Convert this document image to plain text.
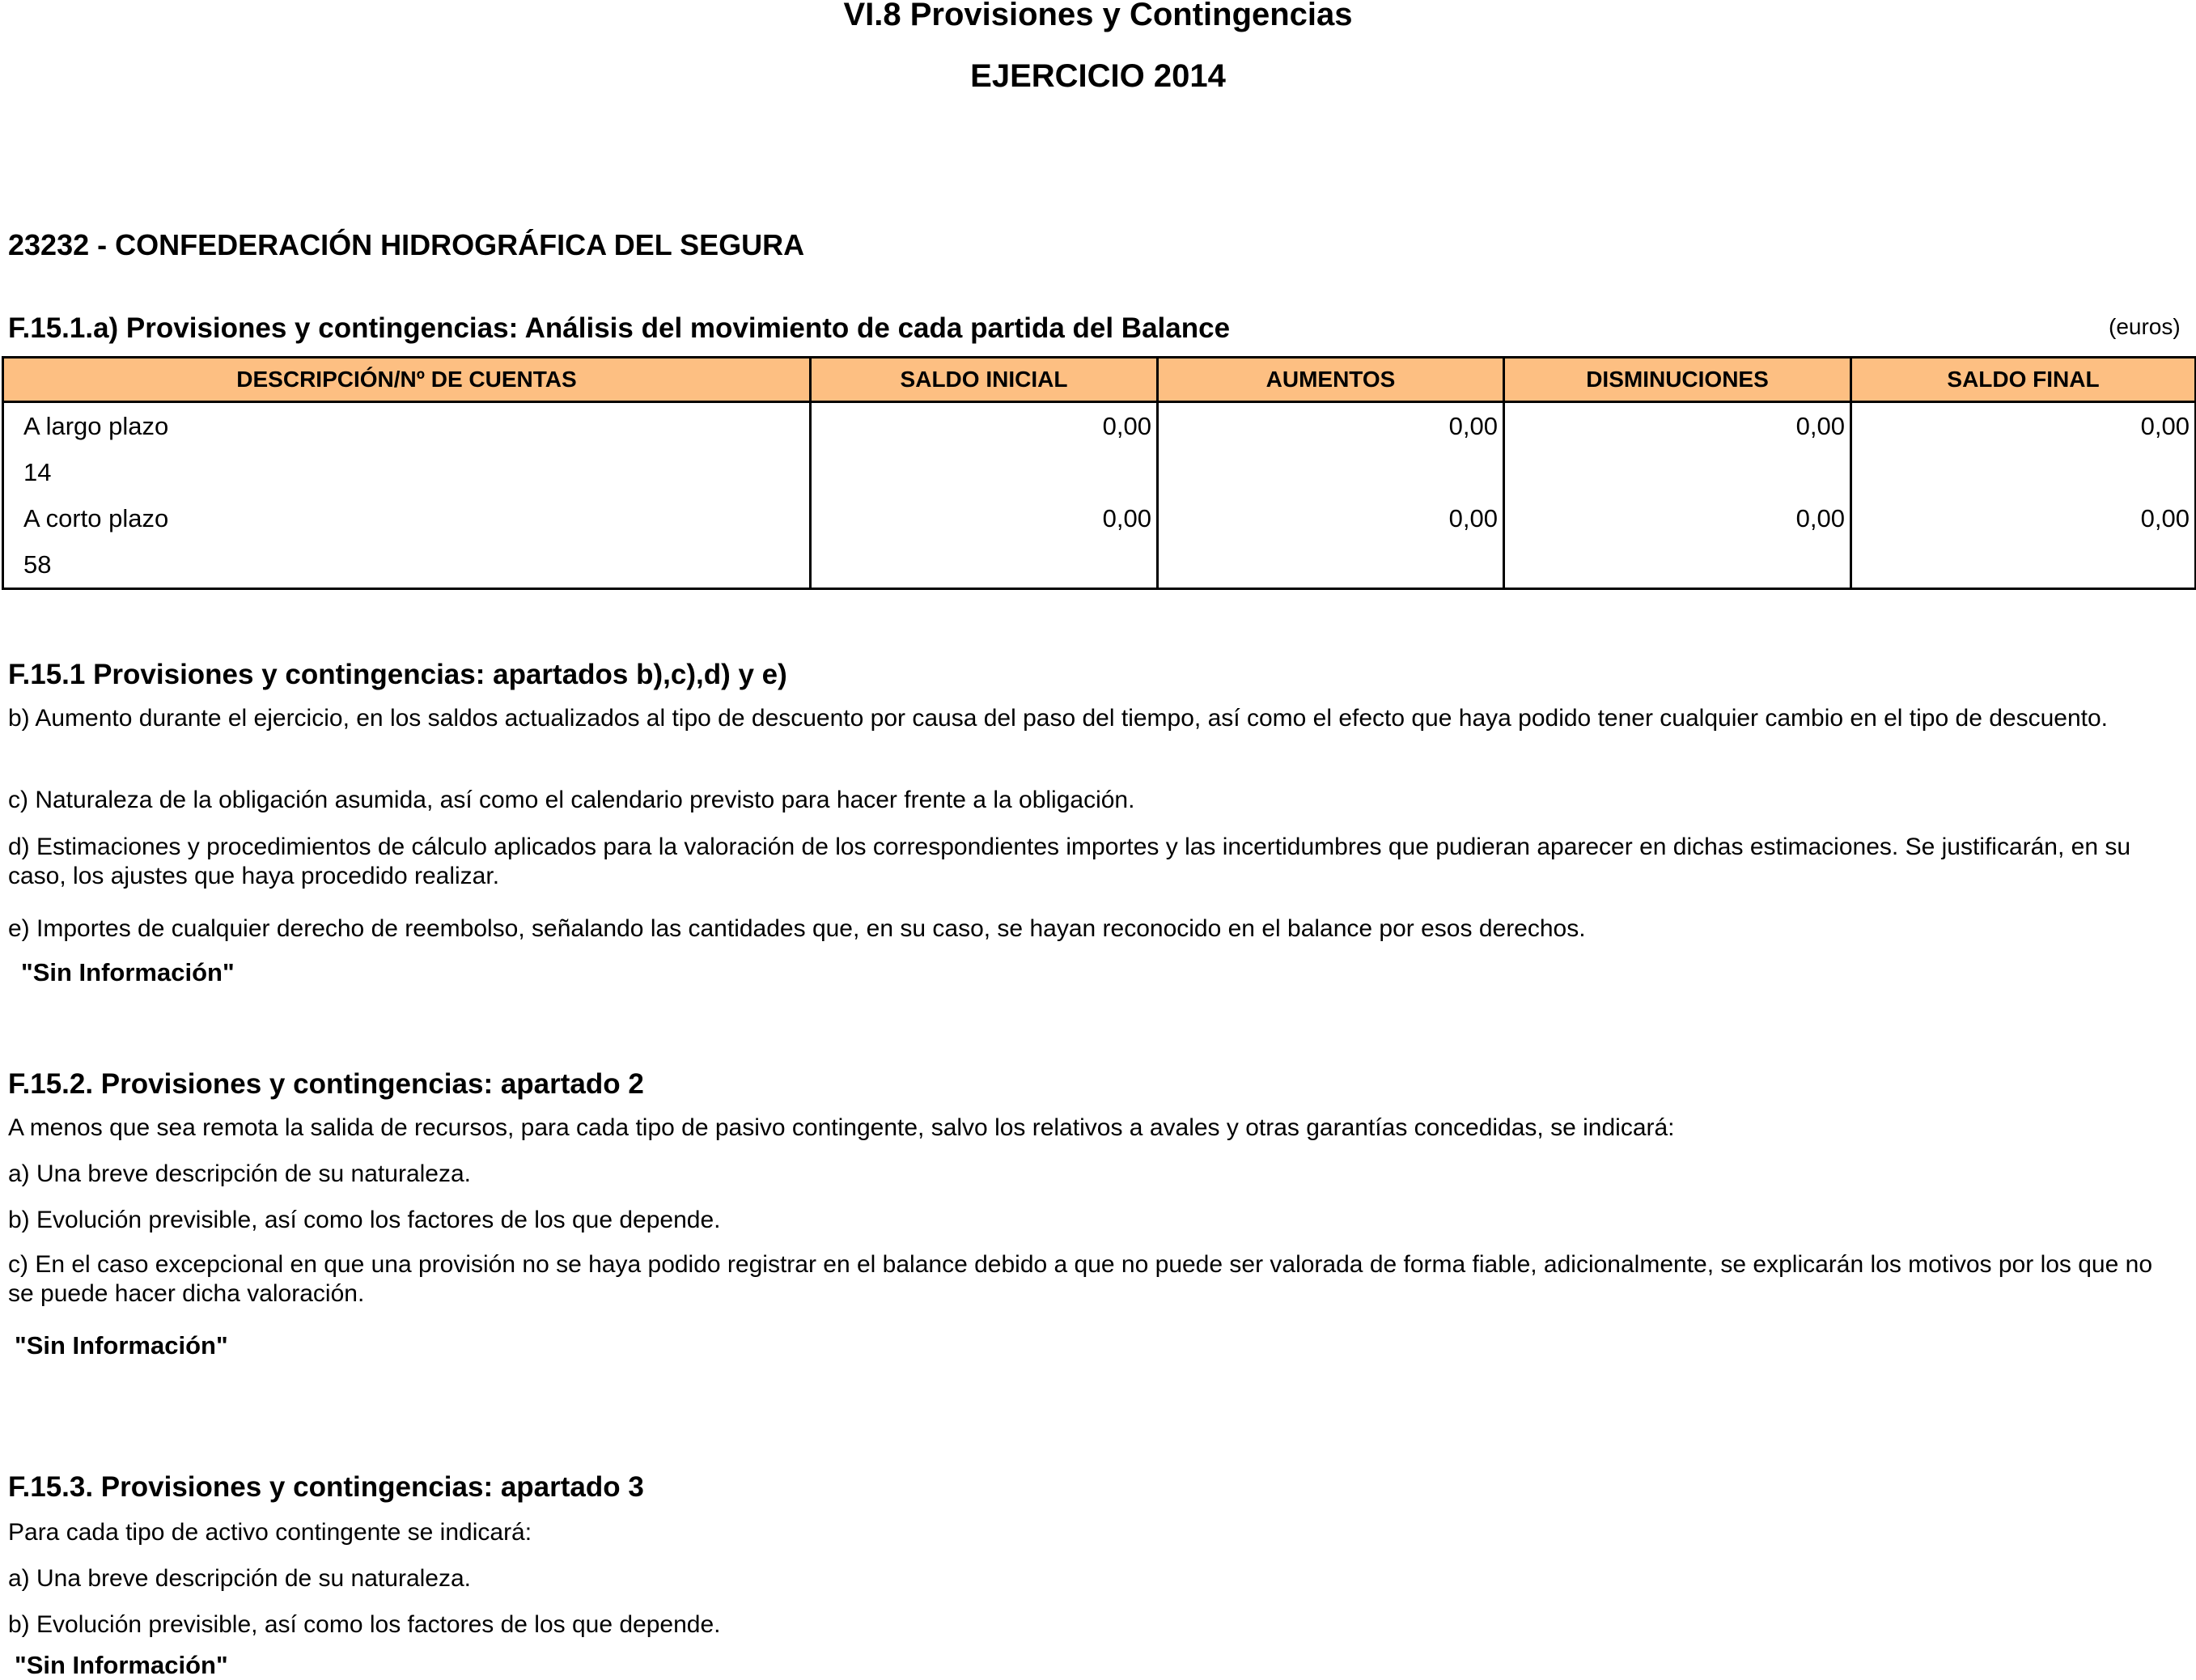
VI.8 Provisiones y Contingencias
EJERCICIO 2014
23232 - CONFEDERACIÓN HIDROGRÁFICA DEL SEGURA
F.15.1.a) Provisiones y contingencias: Análisis del movimiento de cada partida del Balance	(euros)
DESCRIPCIÓN/Nº DE CUENTAS	SALDO INICIAL	AUMENTOS	DISMINUCIONES	SALDO FINAL
A largo plazo	0,00	0,00	0,00	0,00
14				
A corto plazo	0,00	0,00	0,00	0,00
58				
F.15.1 Provisiones y contingencias: apartados b),c),d) y e)
b) Aumento durante el ejercicio, en los saldos actualizados al tipo de descuento por causa del paso del tiempo, así como el efecto que haya podido tener cualquier cambio en el tipo de descuento.
c) Naturaleza de la obligación asumida, así como el calendario previsto para hacer frente a la obligación.
d) Estimaciones y procedimientos de cálculo aplicados para la valoración de los correspondientes importes y las incertidumbres que pudieran aparecer en dichas estimaciones. Se justificarán, en su caso, los ajustes que haya procedido realizar.
e) Importes de cualquier derecho de reembolso, señalando las cantidades que, en su caso, se hayan reconocido en el balance por esos derechos.
"Sin Información"
F.15.2. Provisiones y contingencias: apartado 2
A menos que sea remota la salida de recursos, para cada tipo de pasivo contingente, salvo los relativos a avales y otras garantías concedidas, se indicará:
a) Una breve descripción de su naturaleza.
b) Evolución previsible, así como los factores de los que depende.
c) En el caso excepcional en que una provisión no se haya podido registrar en el balance debido a que no puede ser valorada de forma fiable, adicionalmente, se explicarán los motivos por los que no se puede hacer dicha valoración.
"Sin Información"
F.15.3. Provisiones y contingencias: apartado 3
Para cada tipo de activo contingente se indicará:
a) Una breve descripción de su naturaleza.
b) Evolución previsible, así como los factores de los que depende.
"Sin Información"
